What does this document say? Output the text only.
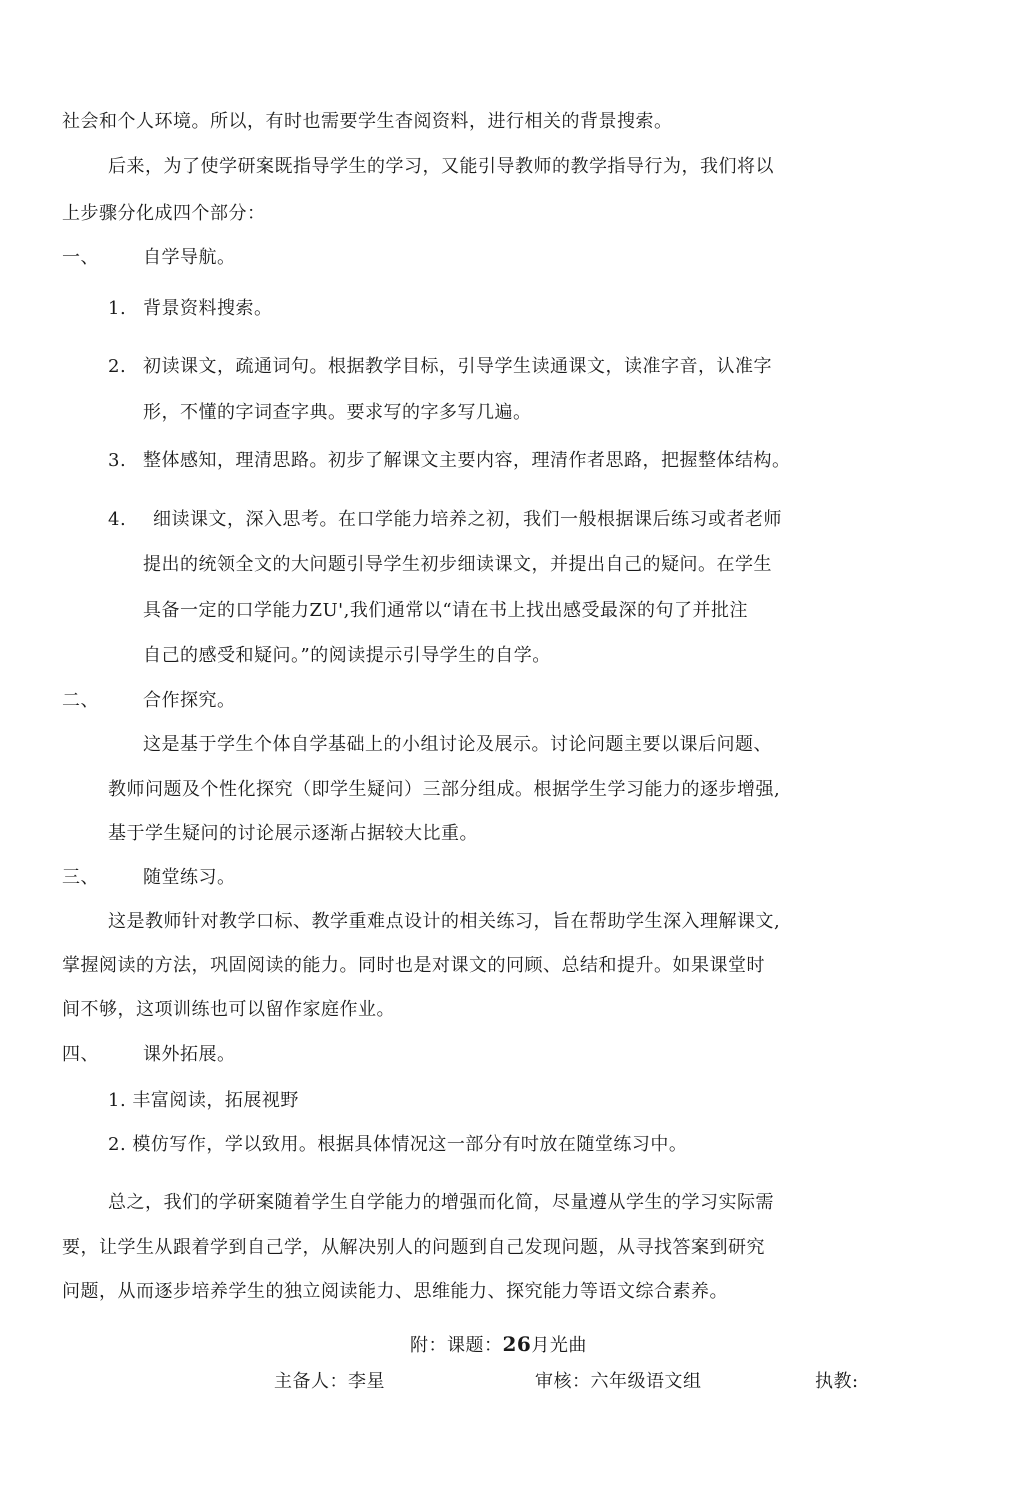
社会和个人环境。所以，有时也需要学生杳阅资料，进行相关的背景搜索。
后来，为了使学研案既指导学生的学习，又能引导教师的教学指导行为，我们将以
上步骤分化成四个部分：
一、 自学导航。
1. 背景资料搜索。
2. 初读课文，疏通词句。根据教学目标，引导学生读通课文，读准字音，认准字
形，不懂的字词查字典。要求写的字多写几遍。
3. 整体感知，理清思路。初步了解课文主要内容，理清作者思路，把握整体结构。
4. 细读课文，深入思考。在口学能力培养之初，我们一般根据课后练习或者老师
提出的统领全文的大问题引导学生初步细读课文，并提出自己的疑问。在学生
具备一定的口学能力ZU',我们通常以“请在书上找出感受最深的句了并批注
自己的感受和疑问。”的阅读提示引导学生的自学。
二、 合作探究。
这是基于学生个体自学基础上的小组讨论及展示。讨论问题主要以课后问题、
教师问题及个性化探究（即学生疑问）三部分组成。根据学生学习能力的逐步增强,
基于学生疑问的讨论展示逐渐占据较大比重。
三、 随堂练习。
这是教师针对教学口标、教学重难点设计的相关练习，旨在帮助学生深入理解课文,
掌握阅读的方法，巩固阅读的能力。同时也是对课文的冋顾、总结和提升。如果课堂时
间不够，这项训练也可以留作家庭作业。
四、 课外拓展。
1. 丰富阅读，拓展视野
2. 模仿写作，学以致用。根据具体情况这一部分有吋放在随堂练习中。
总之，我们的学研案随着学生自学能力的增强而化简，尽量遵从学生的学习实际需
要，让学生从跟着学到自己学，从解决别人的问题到自己发现问题，从寻找答案到研究
问题，从而逐步培养学生的独立阅读能力、思维能力、探究能力等语文综合素养。
附：课题：26月光曲
主备人：李星	审核：六年级语文组	执教:
